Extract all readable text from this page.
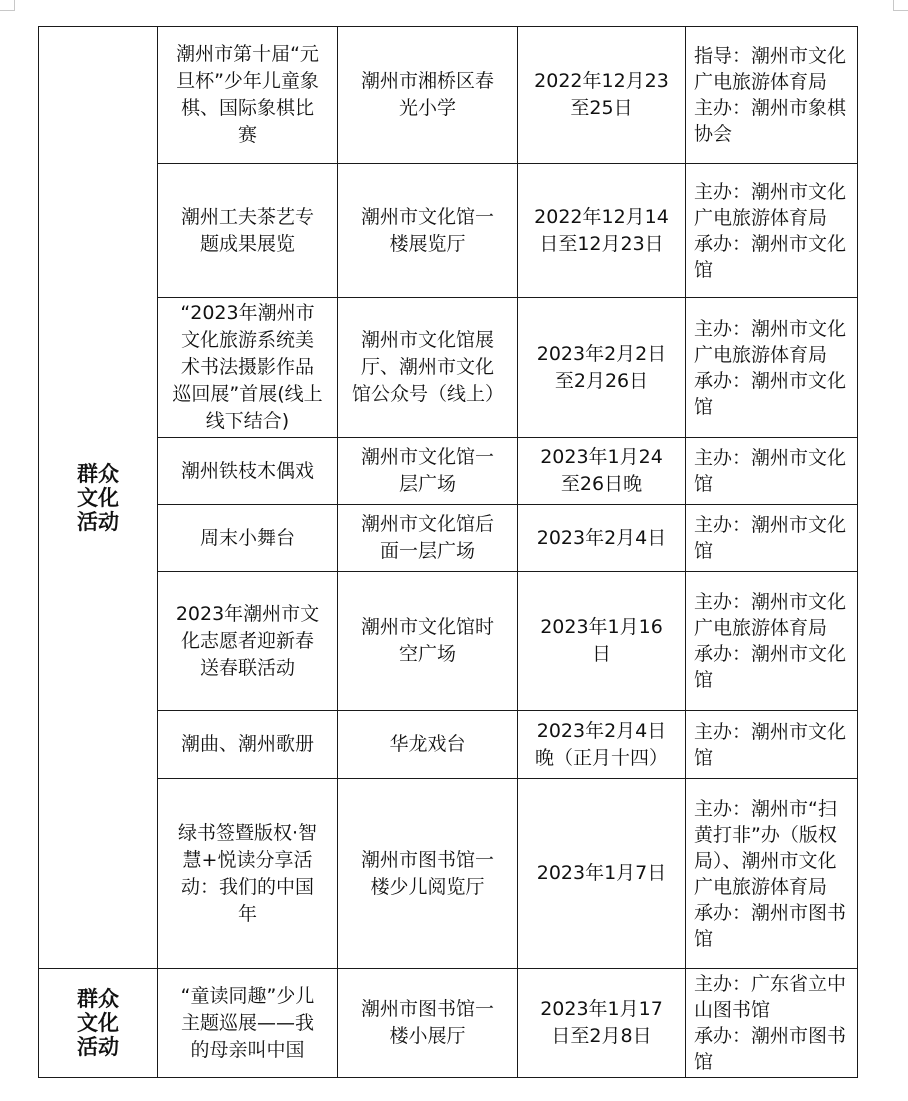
群众文化活动	潮州市第十届“元旦杯”少年儿童象棋、国际象棋比赛	潮州市湘桥区春光小学	2022年12月23至25日	指导：潮州市文化广电旅游体育局
主办：潮州市象棋协会

	潮州工夫茶艺专题成果展览	潮州市文化馆一楼展览厅	2022年12月14日至12月23日	主办：潮州市文化广电旅游体育局
承办：潮州市文化馆

	“2023年潮州市文化旅游系统美术书法摄影作品巡回展”首展(线上线下结合)	潮州市文化馆展厅、潮州市文化馆公众号（线上）	2023年2月2日至2月26日	主办：潮州市文化广电旅游体育局
承办：潮州市文化馆

	潮州铁枝木偶戏	潮州市文化馆一层广场	2023年1月24至26日晚	主办：潮州市文化馆

	周末小舞台	潮州市文化馆后面一层广场	2023年2月4日	主办：潮州市文化馆

	2023年潮州市文化志愿者迎新春送春联活动	潮州市文化馆时空广场	2023年1月16日	主办：潮州市文化广电旅游体育局
承办：潮州市文化馆

	潮曲、潮州歌册	华龙戏台	2023年2月4日晚（正月十四）	主办：潮州市文化馆

	绿书签暨版权·智慧+悦读分享活动：我们的中国年	潮州市图书馆一楼少儿阅览厅	2023年1月7日	主办：潮州市“扫黄打非”办（版权局）、潮州市文化广电旅游体育局
承办：潮州市图书馆

群众文化活动	“童读同趣”少儿主题巡展——我的母亲叫中国	潮州市图书馆一楼小展厅	2023年1月17日至2月8日	主办：广东省立中山图书馆
承办：潮州市图书馆
